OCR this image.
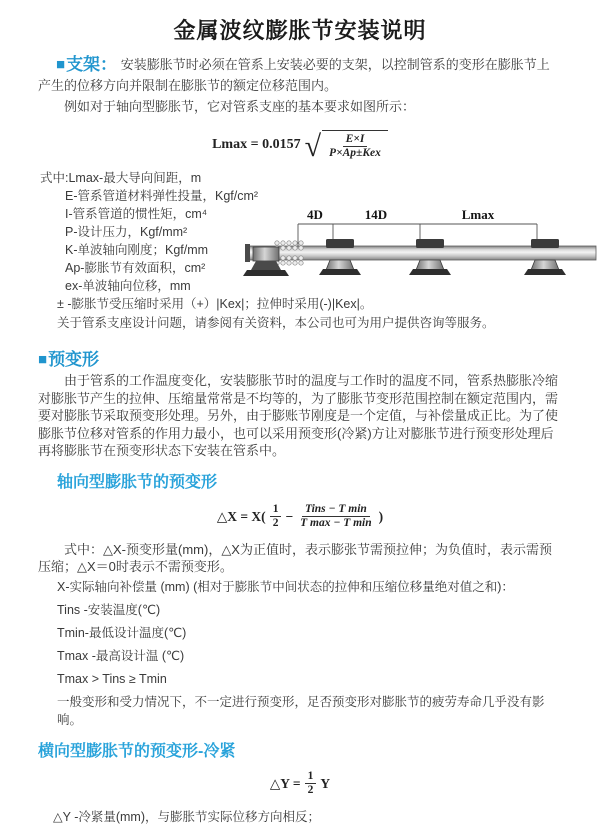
金属波纹膨胀节安装说明

■支架： 安装膨胀节时必须在管系上安装必要的支架，以控制管系的变形在膨胀节上产生的位移方向并限制在膨胀节的额定位移范围内。

例如对于轴向型膨胀节，它对管系支座的基本要求如图所示：

Lmax = 0.0157 √ $\frac{E\times I}{\text{P×Ap±Kex}}$
式中:Lmax-最大导向间距，m
E-管系管道材料弹性投量，Kgf/cm²
I-管系管道的惯性矩，cm⁴
P-设计压力，Kgf/mm²
K-单波轴向刚度；Kgf/mm
Ap-膨胀节有效面积，cm²
ex-单波轴向位移，mm
± -膨胀节受压缩时采用（+）|Kex|；拉伸时采用(-)|Kex|。
关于管系支座设计问题，请参阅有关资料，本公司也可为用户提供咨询等服务。
4D	14D	Lmax
■预变形

由于管系的工作温度变化，安装膨胀节时的温度与工作时的温度不同，管系热膨胀冷缩对膨胀节产生的拉伸、压缩量常常是不均等的，为了膨胀节变形范围控制在额定范围内，需要对膨胀节采取预变形处理。另外，由于膨账节刚度是一个定值，与补偿量成正比。为了使膨胀节位移对管系的作用力最小，也可以采用预变形(冷紧)方让对膨胀节进行预变形处理后再将膨胀节在预变形状态下安装在管系中。

轴向型膨胀节的预变形
△X = $X( \frac{1}{2} - \frac{\text{Tins − T min}}{\text{T max − T min}}$ )

式中：△X-预变形量(mm)，△X为正值时，表示膨张节需预拉伸；为负值时，表示需预压缩；△X＝0时表示不需预变形。

X-实际轴向补偿量 (mm) (相对于膨胀节中间状态的拉伸和压缩位移量绝对值之和)：
Tins -安装温度(℃)
Tmin-最低设计温度(℃)
Tmax -最高设计温 (℃)
Tmax > Tins ≥ Tmin
一般变形和受力情况下，不一定进行预变形，足否预变形对膨胀节的疲劳寿命几乎没有影响。
横向型膨胀节的预变形-冷紧
△Y = $\frac{1}{2}$ Y
△Y -冷紧量(mm)，与膨胀节实际位移方向相反；
